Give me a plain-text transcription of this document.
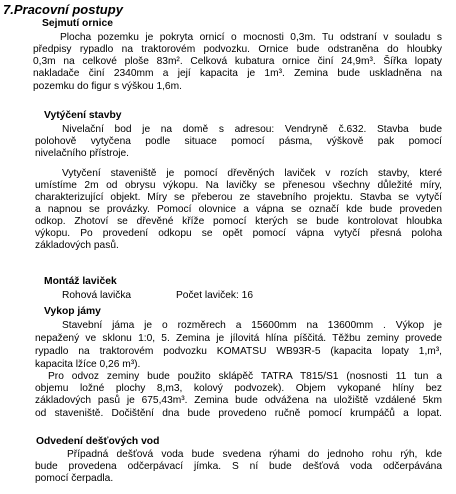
7.Pracovní postupy
Sejmutí ornice
Plocha pozemku je pokryta ornicí o mocnosti 0,3m. Tu odstraní v souladu s
předpisy rypadlo na traktorovém podvozku. Ornice bude odstraněna do hloubky
0,3m na celkové ploše 83m². Celková kubatura ornice činí 24,9m³. Šířka lopaty
nakladače činí 2340mm a její kapacita je 1m³. Zemina bude uskladněna na
pozemku do figur s výškou 1,6m.
Vytýčení stavby
Nivelační bod je na domě s adresou: Vendryně č.632. Stavba bude
polohově vytyčena podle situace pomocí pásma, výškově pak pomocí
nivelačního přístroje.
Vytyčení staveniště je pomocí dřevěných laviček v rozích stavby, které
umístíme 2m od obrysu výkopu. Na lavičky se přenesou všechny důležité míry,
charakterizující objekt. Míry se přeberou ze stavebního projektu. Stavba se vytyčí
a napnou se provázky. Pomocí olovnice a vápna se označí kde bude proveden
odkop. Zhotoví se dřevěné kříže pomocí kterých se bude kontrolovat hloubka
výkopu. Po provedení odkopu se opět pomocí vápna vytyčí přesná poloha
základových pasů.
Montáž laviček
Rohová lavička	Počet laviček: 16
Vykop jámy
Stavební jáma je o rozměrech a 15600mm na 13600mm . Výkop je
nepažený ve sklonu 1:0, 5. Zemina je jílovitá hlína píščitá. Těžbu zeminy provede
rypadlo na traktorovém podvozku KOMATSU WB93R-5 (kapacita lopaty 1,m³,
kapacita lžíce 0,26 m³).
Pro odvoz zeminy bude použito sklápěč TATRA T815/S1 (nosnosti 11 tun a
objemu ložné plochy 8,m3, kolový podvozek). Objem vykopané hlíny bez
základových pasů je 675,43m³. Zemina bude odvážena na uložiště vzdálené 5km
od staveniště. Dočištění dna bude provedeno ručně pomocí krumpáčů a lopat.
Odvedení dešťových vod
Případná dešťová voda bude svedena rýhami do jednoho rohu rýh, kde
bude provedena odčerpávací jímka. S ní bude dešťová voda odčerpávána
pomocí čerpadla.
